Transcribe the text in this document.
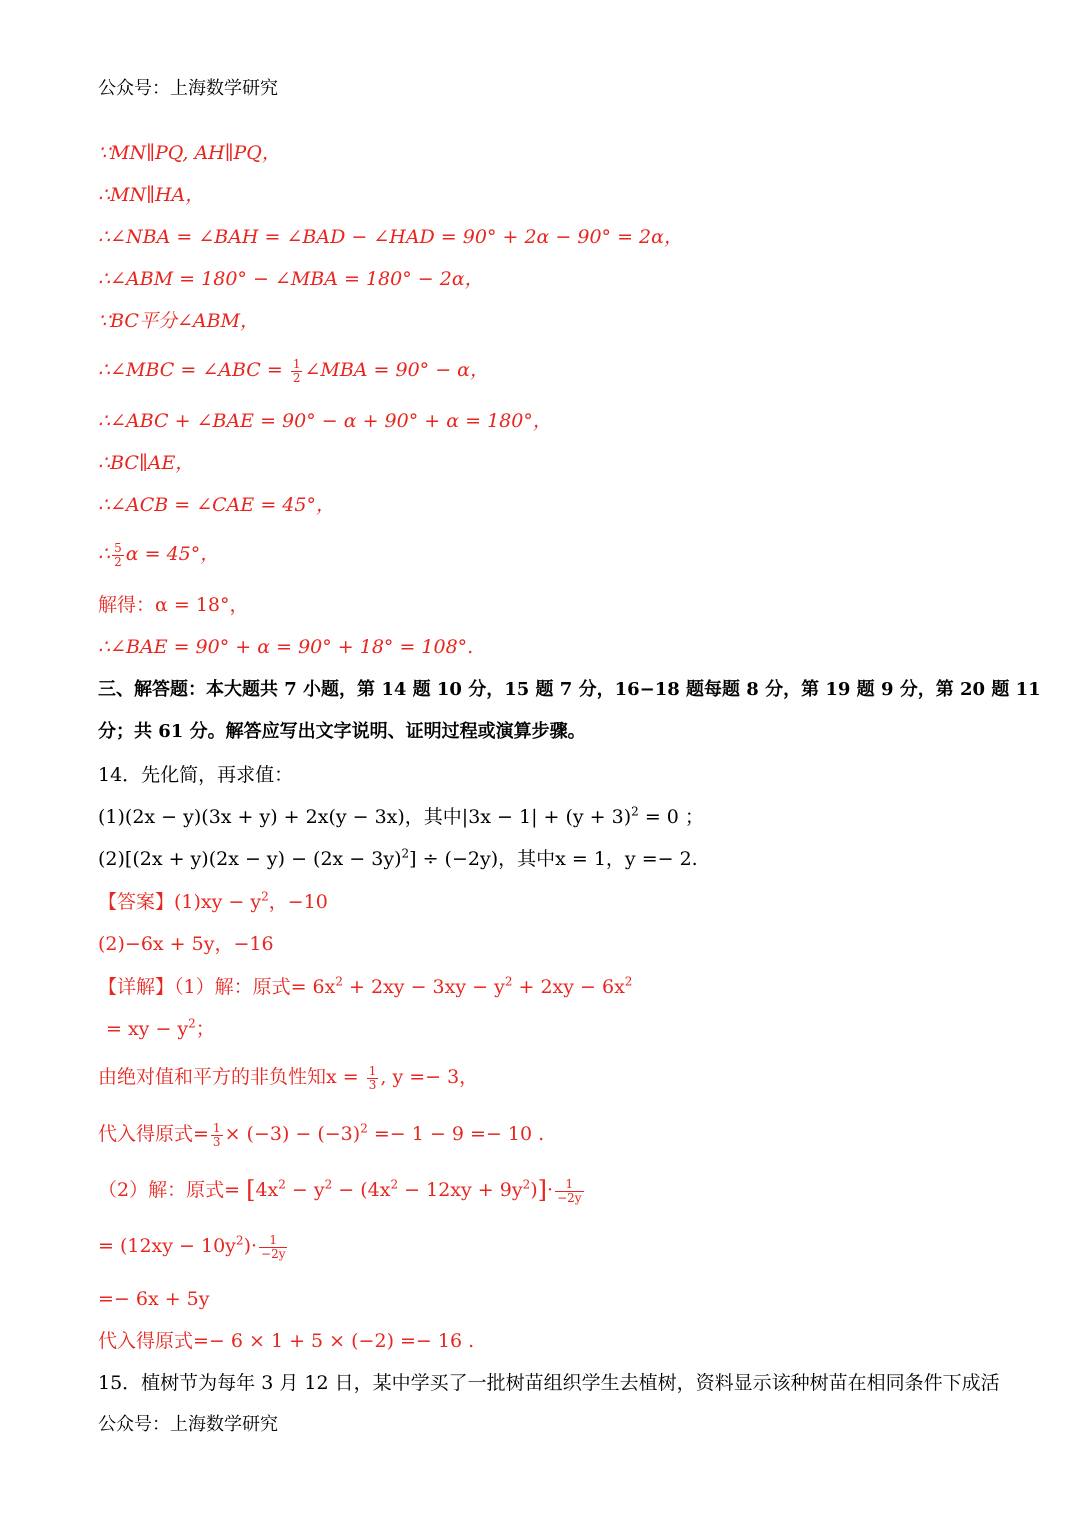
公众号：上海数学研究
∵MN∥PQ, AH∥PQ，
∴MN∥HA，
∴∠NBA = ∠BAH = ∠BAD − ∠HAD = 90° + 2α − 90° = 2α，
∴∠ABM = 180° − ∠MBA = 180° − 2α，
∵BC平分∠ABM，
∴∠MBC = ∠ABC = $\frac{1}{2}$ ∠MBA = 90° − α，
∴∠ABC + ∠BAE = 90° − α + 90° + α = 180°，
∴BC∥AE，
∴∠ACB = ∠CAE = 45°，
∴ $\frac{5}{2}$ α = 45°，
解得：α = 18°，
∴∠BAE = 90° + α = 90° + 18° = 108°.
三、解答题：本大题共 7 小题，第 14 题 10 分，15 题 7 分，16−18 题每题 8 分，第 19 题 9 分，第 20 题 11
分；共 61 分。解答应写出文字说明、证明过程或演算步骤。
14．先化简，再求值：
(1)(2x − y)(3x + y) + 2x(y − 3x)，其中$|3x - 1| + (y + 3)^2 = 0$ ；
$(2)[(2x + y)(2x - y) - (2x - 3y)^2] \div (-2y)$，其中x = 1，y =− 2.
【答案】$(1)xy - y^2$，−10
(2)−6x + 5y，−16
【详解】（1）解：原式= $6x^2 + 2xy - 3xy - y^2 + 2xy - 6x^2$
= xy − $y^2$；
由绝对值和平方的非负性知$x = \frac{1}{3}$ , y =− 3，
代入得原式= $\frac{1}{3} \times (-3) - (-3)^2 =- 1 - 9 =- 10$ .
（2）解：原式= $[4x^2 - y^2 - (4x^2 - 12xy + 9y^2)]\cdot \frac{1}{-2y}$
= $(12xy - 10y^2)\cdot \frac{1}{-2y}$
=− 6x + 5y
代入得原式=− 6 × 1 + 5 × (−2) =− 16 .
15．植树节为每年 3 月 12 日，某中学买了一批树苗组织学生去植树，资料显示该种树苗在相同条件下成活
公众号：上海数学研究
